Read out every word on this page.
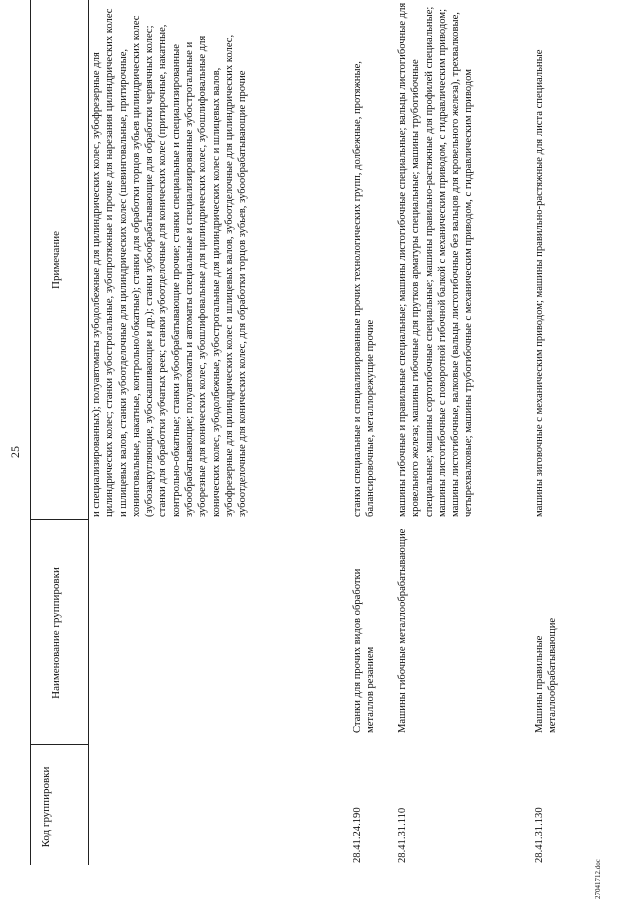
25
Код группировки
Наименование группировки
Примечание	и специализированных); полуавтоматы зубодолбежные для цилиндрических колес, зубофрезерные для цилиндрических колес; станки зубострогальные, зубопротяжные и прочие для нарезания цилиндрических колес и шлицевых валов, станки зубоотделочные для цилиндрических колес (шевинговальные, притирочные, хонинговальные, накатные, контрольно/обкатные); станки для обработки торцов зубьев цилиндрических колес (зубозакругляющие, зубоскашивающие и др.); станки зубообрабатывающие для обработки червячных колес; станки для обработки зубчатых реек; станки зубоотделочные для конических колес (притирочные, накатные, контрольно-обкатные; станки зубообрабатывающие прочие; станки специальные и специализированные зубообрабатывающие; полуавтоматы и автоматы специальные и специализированные зубострогальные и зуборезные для конических колес, зубошлифовальные для цилиндрических колес, зубошлифовальные для конических колес, зубодолбежные, зубострогальные для цилиндрических колес и шлицевых валов, зубофрезерные для цилиндрических колес и шлицевых валов, зубоотделочные для цилиндрических колес, зубоотделочные для конических колес, для обработки торцов зубьев, зубообрабатывающие прочие
28.41.24.190
Станки для прочих видов обработки металлов резанием
станки специальные и специализированные прочих технологических групп, долбежные, протяжные, балансировочные, металлорежущие прочие
28.41.31.110
Машины гибочные металлообрабатывающие
машины гибочные и правильные специальные; машины листогибочные специальные; вальцы листогибочные для кровельного железа; машины гибочные для прутков арматуры специальные; машины трубогибочные специальные; машины сортогибочные специальные; машины правильно-растяжные для профилей специальные; машины листогибочные с поворотной гибочной балкой с механическим приводом, с гидравлическим приводом; машины листогибочные, валковые (вальцы листогибочные без вальцов для кровельного железа), трехвалковые, четырехвалковые; машины трубогибочные с механическим приводом, с гидравлическим приводом
28.41.31.130
Машины правильные металлообрабатывающие
машины зиговочные с механическим приводом; машины правильно-растяжные для листа специальные
27041712.doc
